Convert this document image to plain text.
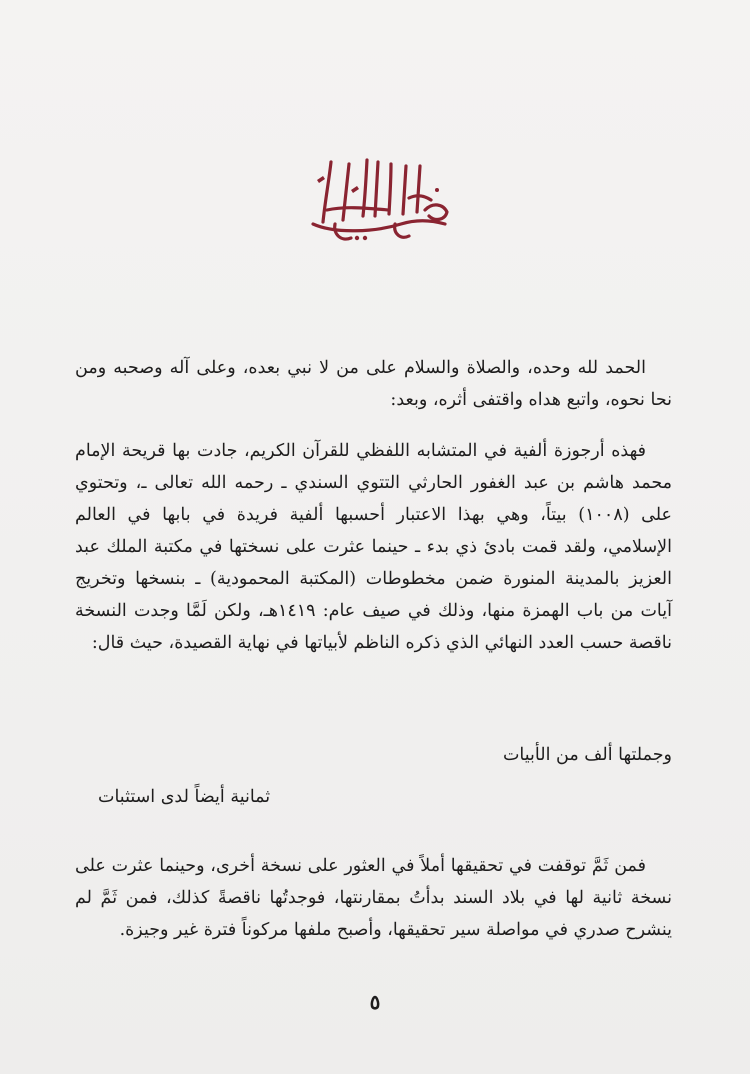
الحمد لله وحده، والصلاة والسلام على من لا نبي بعده، وعلى آله وصحبه ومن نحا نحوه، واتبع هداه واقتفى أثره، وبعد:
فهذه أرجوزة ألفية في المتشابه اللفظي للقرآن الكريم، جادت بها قريحة الإمام محمد هاشم بن عبد الغفور الحارثي التتوي السندي ـ رحمه الله تعالى ـ، وتحتوي على (١٠٠٨) بيتاً، وهي بهذا الاعتبار أحسبها ألفية فريدة في بابها في العالم الإسلامي، ولقد قمت بادئ ذي بدء ـ حينما عثرت على نسختها في مكتبة الملك عبد العزيز بالمدينة المنورة ضمن مخطوطات (المكتبة المحمودية) ـ بنسخها وتخريج آيات من باب الهمزة منها، وذلك في صيف عام: ١٤١٩هـ، ولكن لَمَّا وجدت النسخة ناقصة حسب العدد النهائي الذي ذكره الناظم لأبياتها في نهاية القصيدة، حيث قال:
وجملتها ألف من الأبيات
ثمانية أيضاً لدى استثبات
فمن ثَمَّ توقفت في تحقيقها أملاً في العثور على نسخة أخرى، وحينما عثرت على نسخة ثانية لها في بلاد السند بدأتُ بمقارنتها، فوجدتُها ناقصةً كذلك، فمن ثَمَّ لم ينشرح صدري في مواصلة سير تحقيقها، وأصبح ملفها مركوناً فترة غير وجيزة.
٥
